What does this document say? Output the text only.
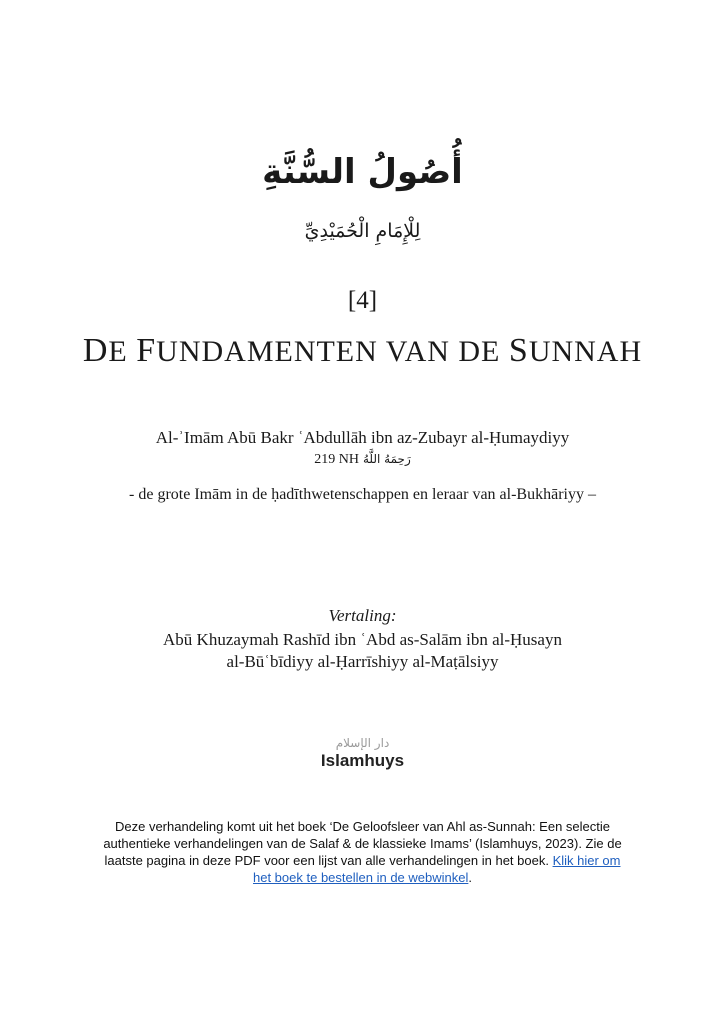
أُصُولُ السُّنَّةِ
لِلْإِمَامِ الْحُمَيْدِيِّ
[4]
DE FUNDAMENTEN VAN DE SUNNAH
Al-ʾImām Abū Bakr ʿAbdullāh ibn az-Zubayr al-Ḥumaydiyy
219 NH رَحِمَهُ اللَّهُ
- de grote Imām in de ḥadīthwetenschappen en leraar van al-Bukhāriyy –
Vertaling:
Abū Khuzaymah Rashīd ibn ʿAbd as-Salām ibn al-Ḥusayn
al-Būʿbīdiyy al-Ḥarrīshiyy al-Maṭālsiyy
دار الإسلام
Islamhuys
Deze verhandeling komt uit het boek ‘De Geloofsleer van Ahl as-Sunnah: Een selectie authentieke verhandelingen van de Salaf & de klassieke Imams’ (Islamhuys, 2023). Zie de laatste pagina in deze PDF voor een lijst van alle verhandelingen in het boek. Klik hier om het boek te bestellen in de webwinkel.
